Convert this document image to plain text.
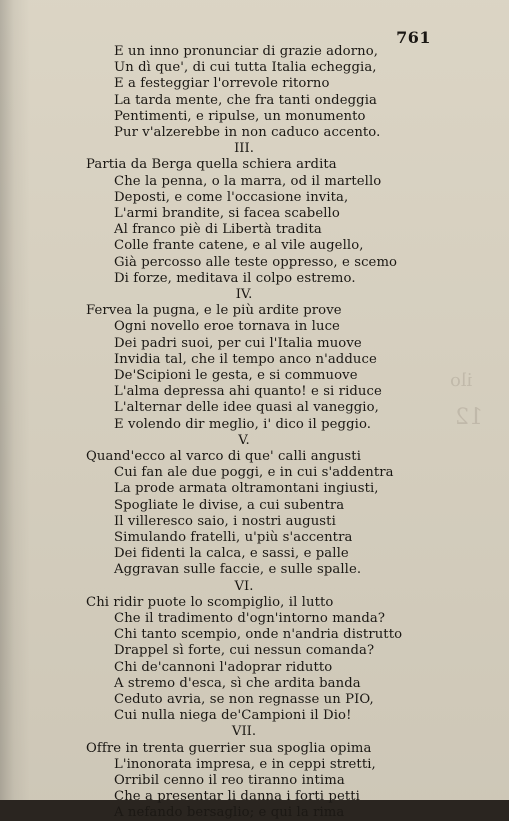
ilo
12
761
E un inno pronunciar di grazie adorno,
Un dì que', di cui tutta Italia echeggia,
E a festeggiar l'orrevole ritorno
La tarda mente, che fra tanti ondeggia
Pentimenti, e ripulse, un monumento
Pur v'alzerebbe in non caduco accento.
III.
Partia da Berga quella schiera ardita
Che la penna, o la marra, od il martello
Deposti, e come l'occasione invita,
L'armi brandite, si facea scabello
Al franco piè di Libertà tradita
Colle frante catene, e al vile augello,
Già percosso alle teste oppresso, e scemo
Di forze, meditava il colpo estremo.
IV.
Fervea la pugna, e le più ardite prove
Ogni novello eroe tornava in luce
Dei padri suoi, per cui l'Italia muove
Invidia tal, che il tempo anco n'adduce
De'Scipioni le gesta, e si commuove
L'alma depressa ahi quanto! e si riduce
L'alternar delle idee quasi al vaneggio,
E volendo dir meglio, i' dico il peggio.
V.
Quand'ecco al varco di que' calli angusti
Cui fan ale due poggi, e in cui s'addentra
La prode armata oltramontani ingiusti,
Spogliate le divise, a cui subentra
Il villeresco saio, i nostri augusti
Simulando fratelli, u'più s'accentra
Dei fidenti la calca, e sassi, e palle
Aggravan sulle faccie, e sulle spalle.
VI.
Chi ridir puote lo scompiglio, il lutto
Che il tradimento d'ogn'intorno manda?
Chi tanto scempio, onde n'andria distrutto
Drappel sì forte, cui nessun comanda?
Chi de'cannoni l'adoprar ridutto
A stremo d'esca, sì che ardita banda
Ceduto avria, se non regnasse un PIO,
Cui nulla niega de'Campioni il Dio!
VII.
Offre in trenta guerrier sua spoglia opima
L'inonorata impresa, e in ceppi stretti,
Orribil cenno il reo tiranno intima
Che a presentar li danna i forti petti
A nefando bersaglio; e qui la rima
